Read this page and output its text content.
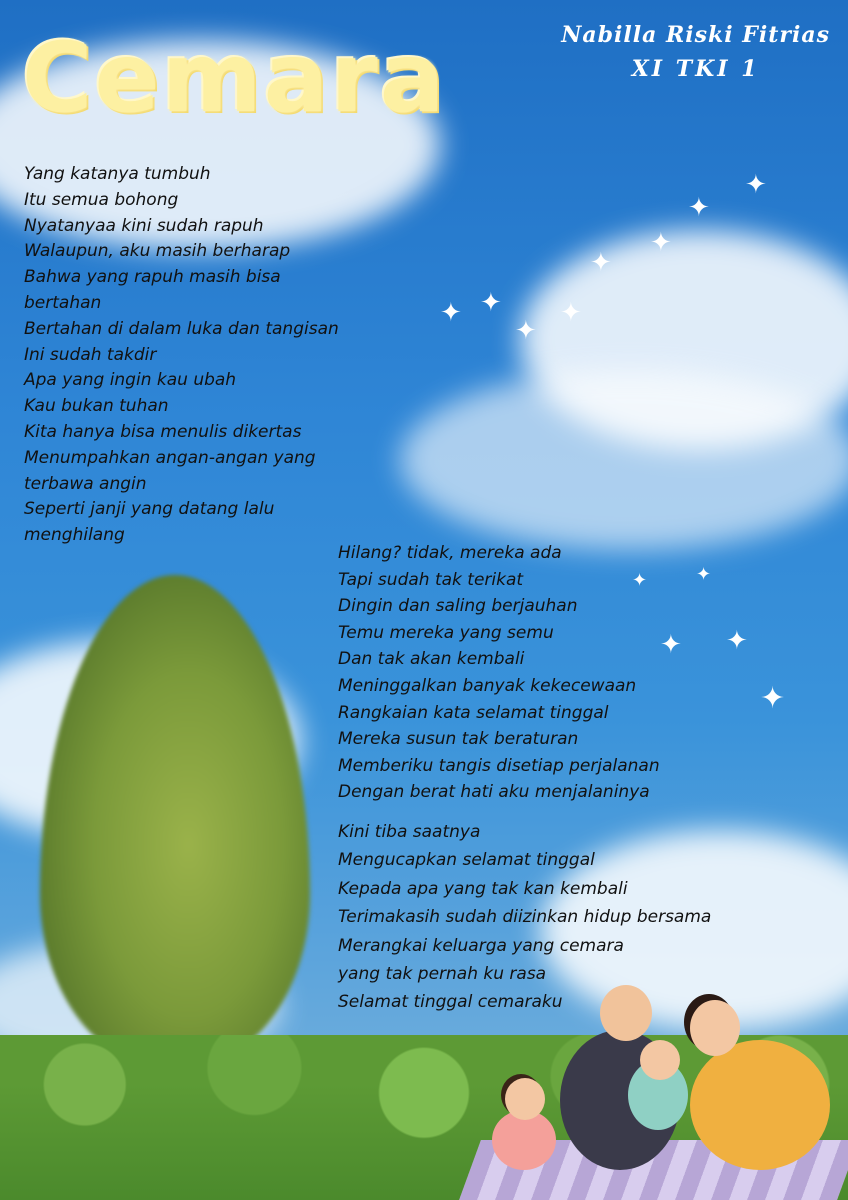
✦ ✦
✦
✦
✦
✦
✦
✦
✦	✦
✦ ✦
✦
Cemara	Nabilla Riski Fitrias
XI TKI 1
Yang katanya tumbuh
Itu semua bohong
Nyatanyaa kini sudah rapuh
Walaupun, aku masih berharap
Bahwa yang rapuh masih bisa
bertahan
Bertahan di dalam luka dan tangisan
Ini sudah takdir
Apa yang ingin kau ubah
Kau bukan tuhan
Kita hanya bisa menulis dikertas
Menumpahkan angan-angan yang
terbawa angin
Seperti janji yang datang lalu
menghilang
Hilang? tidak, mereka ada
Tapi sudah tak terikat
Dingin dan saling berjauhan
Temu mereka yang semu
Dan tak akan kembali
Meninggalkan banyak kekecewaan
Rangkaian kata selamat tinggal
Mereka susun tak beraturan
Memberiku tangis disetiap perjalanan
Dengan berat hati aku menjalaninya
Kini tiba saatnya
Mengucapkan selamat tinggal
Kepada apa yang tak kan kembali
Terimakasih sudah diizinkan hidup bersama
Merangkai keluarga yang cemara
yang tak pernah ku rasa
Selamat tinggal cemaraku
